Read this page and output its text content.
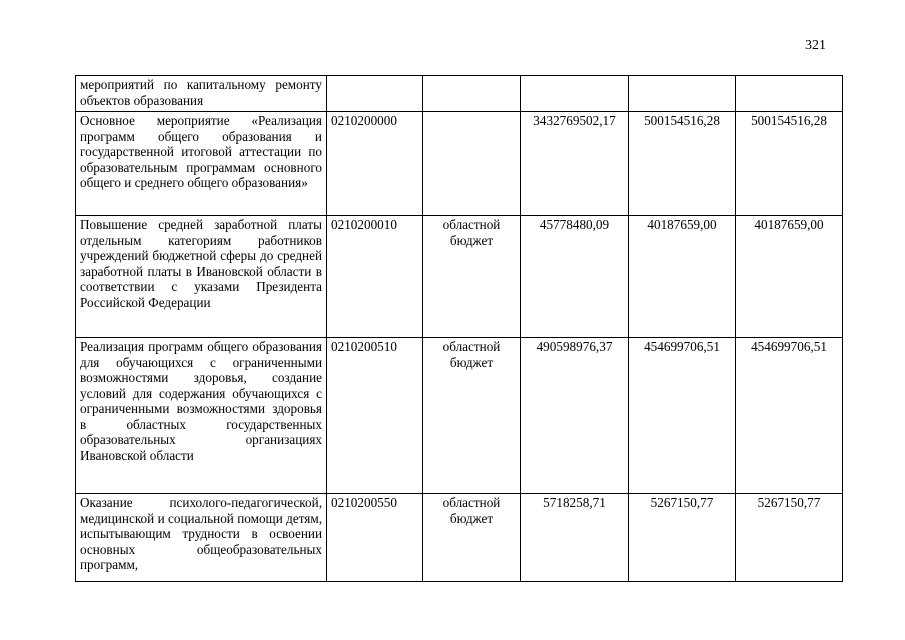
321
мероприятий по капитальному ремонту объектов образования					
Основное мероприятие «Реализация программ общего образования и государственной итоговой аттестации по образовательным программам основного общего и среднего общего образования»	0210200000		3432769502,17	500154516,28	500154516,28
Повышение средней заработной платы отдельным категориям работников учреждений бюджетной сферы до средней заработной платы в Ивановской области в соответствии с указами Президента Российской Федерации	0210200010	областной бюджет	45778480,09	40187659,00	40187659,00
Реализация программ общего образования для обучающихся с ограниченными возможностями здоровья, создание условий для содержания обучающихся с ограниченными возможностями здоровья в областных государственных образовательных организациях Ивановской области	0210200510	областной бюджет	490598976,37	454699706,51	454699706,51
Оказание психолого-педагогической, медицинской и социальной помощи детям, испытывающим трудности в освоении основных общеобразовательных программ,	0210200550	областной бюджет	5718258,71	5267150,77	5267150,77
